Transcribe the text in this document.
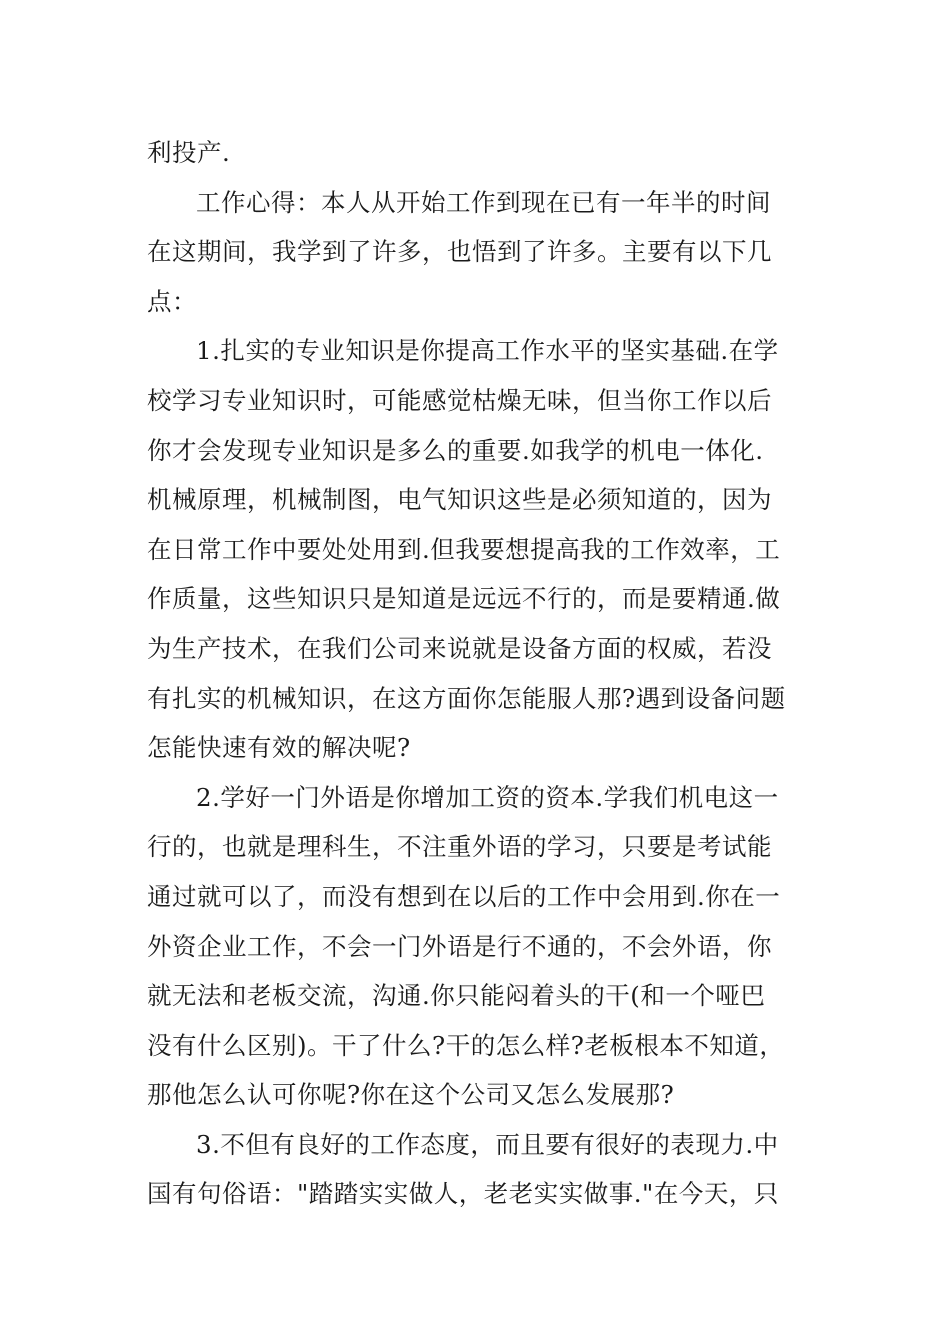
利投产.
工作心得：本人从开始工作到现在已有一年半的时间
在这期间，我学到了许多，也悟到了许多。主要有以下几
点：
1.扎实的专业知识是你提高工作水平的坚实基础.在学
校学习专业知识时，可能感觉枯燥无味，但当你工作以后
你才会发现专业知识是多么的重要.如我学的机电一体化.
机械原理，机械制图，电气知识这些是必须知道的，因为
在日常工作中要处处用到.但我要想提高我的工作效率，工
作质量，这些知识只是知道是远远不行的，而是要精通.做
为生产技术，在我们公司来说就是设备方面的权威，若没
有扎实的机械知识，在这方面你怎能服人那?遇到设备问题
怎能快速有效的解决呢?
2.学好一门外语是你增加工资的资本.学我们机电这一
行的，也就是理科生，不注重外语的学习，只要是考试能
通过就可以了，而没有想到在以后的工作中会用到.你在一
外资企业工作，不会一门外语是行不通的，不会外语，你
就无法和老板交流，沟通.你只能闷着头的干(和一个哑巴
没有什么区别)。干了什么?干的怎么样?老板根本不知道，
那他怎么认可你呢?你在这个公司又怎么发展那?
3.不但有良好的工作态度，而且要有很好的表现力.中
国有句俗语："踏踏实实做人，老老实实做事."在今天，只
